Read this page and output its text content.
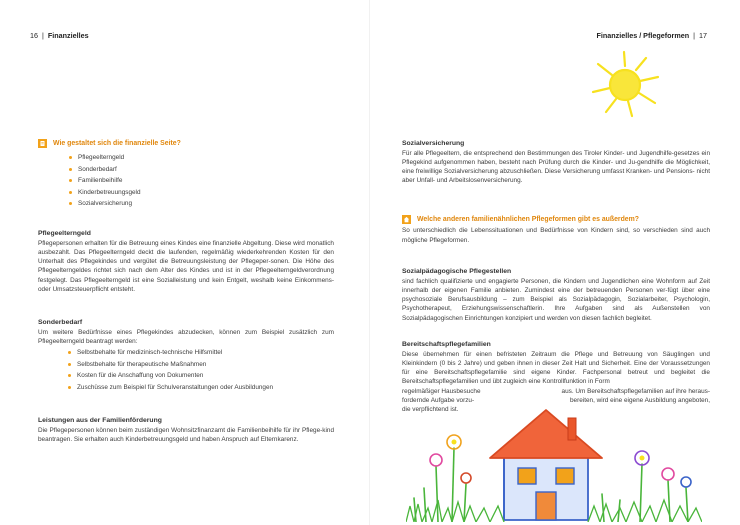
16  |  Finanzielles
Wie gestaltet sich die finanzielle Seite?
Pflegeelterngeld
Sonderbedarf
Familienbeihilfe
Kinderbetreuungsgeld
Sozialversicherung
Pflegeelterngeld
Pflegepersonen erhalten für die Betreuung eines Kindes eine finanzielle Abgeltung. Diese wird monatlich ausbezahlt. Das Pflegeelterngeld deckt die laufenden, regelmäßig wiederkehrenden Kosten für den Unterhalt des Pflegekindes und vergütet die Betreuungsleistung der Pflegeper-sonen. Die Höhe des Pflegeelterngeldes richtet sich nach dem Alter des Kindes und ist in der Pflegeelterngeldverordnung festgelegt. Das Pflegeelterngeld ist eine Sozialleistung und kein Entgelt, weshalb keine Einkommens- oder Umsatzsteuerpflicht entsteht.
Sonderbedarf
Um weitere Bedürfnisse eines Pflegekindes abzudecken, können zum Beispiel zusätzlich zum Pflegeelterngeld beantragt werden:
Selbstbehalte für medizinisch-technische Hilfsmittel
Selbstbehalte für therapeutische Maßnahmen
Kosten für die Anschaffung von Dokumenten
Zuschüsse zum Beispiel für Schulveranstaltungen oder Ausbildungen
Leistungen aus der Familienförderung
Die Pflegepersonen können beim zuständigen Wohnsitzfinanzamt die Familienbeihilfe für ihr Pflege-kind beantragen. Sie erhalten auch Kinderbetreuungsgeld und haben Anspruch auf Elternkarenz.
Finanzielles / Pflegeformen  |  17
Sozialversicherung
Für alle Pflegeeltern, die entsprechend den Bestimmungen des Tiroler Kinder- und Jugendhilfe-gesetzes ein Pflegekind aufgenommen haben, besteht nach Prüfung durch die Kinder- und Ju-gendhilfe die Möglichkeit, eine freiwillige Sozialversicherung abzuschließen. Diese Versicherung umfasst Kranken- und Pensions- nicht aber Unfall- und Arbeitslosenversicherung.
Welche anderen familienähnlichen Pflegeformen gibt es außerdem?
So unterschiedlich die Lebenssituationen und Bedürfnisse von Kindern sind, so verschieden sind auch mögliche Pflegeformen.
Sozialpädagogische Pflegestellen
sind fachlich qualifizierte und engagierte Personen, die Kindern und Jugendlichen eine Wohnform auf Zeit innerhalb der eigenen Familie anbieten. Zumindest eine der betreuenden Personen ver-fügt über eine psychosoziale Berufsausbildung – zum Beispiel als Sozialpädagogin, Sozialarbeiter, Psychologin, Psychotherapeut, Erziehungswissenschaftlerin. Ihre Aufgaben sind als Außenstellen von Sozialpädagogischen Einrichtungen konzipiert und werden von diesen fachlich begleitet.
Bereitschaftspflegefamilien
Diese übernehmen für einen befristeten Zeitraum die Pflege und Betreuung von Säuglingen und Kleinkindern (0 bis 2 Jahre) und geben ihnen in dieser Zeit Halt und Sicherheit. Eine der Voraussetzungen für eine Bereitschaftspflegefamilie sind eigene Kinder. Fachpersonal betreut und begleitet die Bereitschaftspflegefamilien und übt zugleich eine Kontrollfunktion in Form
regelmäßiger Hausbesuche	aus. Um Bereitschaftspflegefamilien auf ihre heraus-
fordernde Aufgabe vorzu-	bereiten, wird eine eigene Ausbildung angeboten,
die verpflichtend ist.
